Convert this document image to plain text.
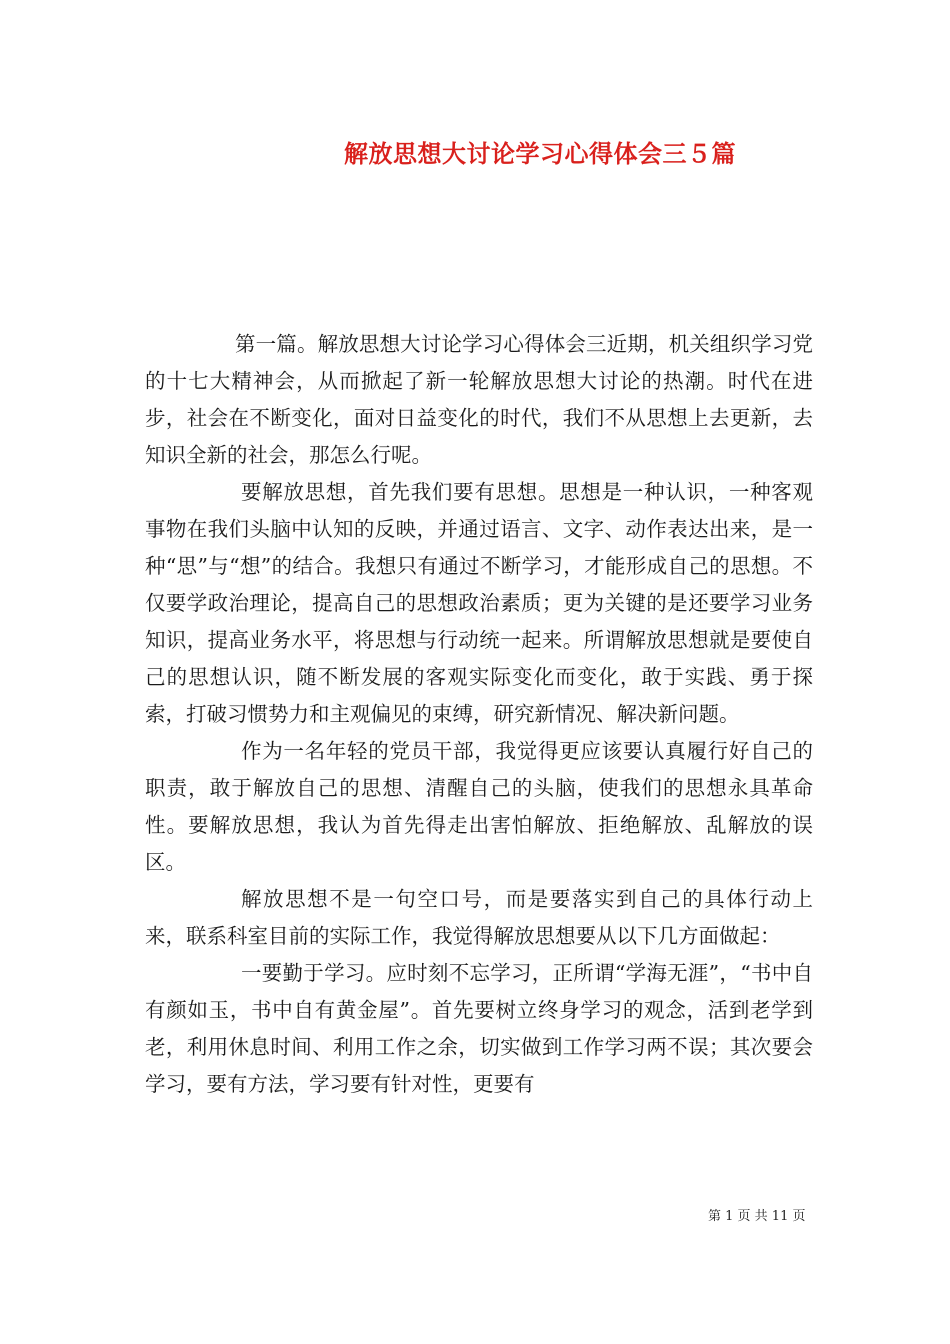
解放思想大讨论学习心得体会三５篇

第一篇。解放思想大讨论学习心得体会三近期，机关组织学习党的十七大精神会，从而掀起了新一轮解放思想大讨论的热潮。时代在进步，社会在不断变化，面对日益变化的时代，我们不从思想上去更新，去知识全新的社会，那怎么行呢。

要解放思想，首先我们要有思想。思想是一种认识，一种客观事物在我们头脑中认知的反映，并通过语言、文字、动作表达出来，是一种“思”与“想”的结合。我想只有通过不断学习，才能形成自己的思想。不仅要学政治理论，提高自己的思想政治素质；更为关键的是还要学习业务知识，提高业务水平，将思想与行动统一起来。所谓解放思想就是要使自己的思想认识，随不断发展的客观实际变化而变化，敢于实践、勇于探索，打破习惯势力和主观偏见的束缚，研究新情况、解决新问题。

作为一名年轻的党员干部，我觉得更应该要认真履行好自己的职责，敢于解放自己的思想、清醒自己的头脑，使我们的思想永具革命性。要解放思想，我认为首先得走出害怕解放、拒绝解放、乱解放的误区。

解放思想不是一句空口号，而是要落实到自己的具体行动上来，联系科室目前的实际工作，我觉得解放思想要从以下几方面做起：

一要勤于学习。应时刻不忘学习，正所谓“学海无涯”，“书中自有颜如玉，书中自有黄金屋”。首先要树立终身学习的观念，活到老学到老，利用休息时间、利用工作之余，切实做到工作学习两不误；其次要会学习，要有方法，学习要有针对性，更要有

第 1 页 共 11 页
